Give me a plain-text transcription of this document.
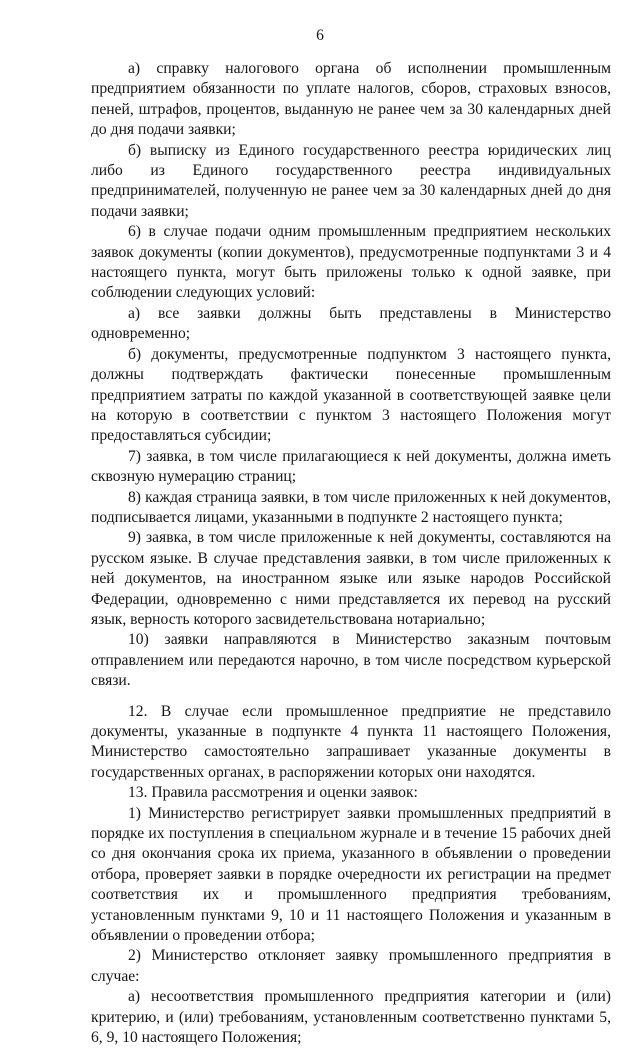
6

а) справку налогового органа об исполнении промышленным предприятием обязанности по уплате налогов, сборов, страховых взносов, пеней, штрафов, процентов, выданную не ранее чем за 30 календарных дней до дня подачи заявки;

б) выписку из Единого государственного реестра юридических лиц либо из Единого государственного реестра индивидуальных предпринимателей, полученную не ранее чем за 30 календарных дней до дня подачи заявки;

6) в случае подачи одним промышленным предприятием нескольких заявок документы (копии документов), предусмотренные подпунктами 3 и 4 настоящего пункта, могут быть приложены только к одной заявке, при соблюдении следующих условий:

а) все заявки должны быть представлены в Министерство одновременно;

б) документы, предусмотренные подпунктом 3 настоящего пункта, должны подтверждать фактически понесенные промышленным предприятием затраты по каждой указанной в соответствующей заявке цели на которую в соответствии с пунктом 3 настоящего Положения могут предоставляться субсидии;

7) заявка, в том числе прилагающиеся к ней документы, должна иметь сквозную нумерацию страниц;

8) каждая страница заявки, в том числе приложенных к ней документов, подписывается лицами, указанными в подпункте 2 настоящего пункта;

9) заявка, в том числе приложенные к ней документы, составляются на русском языке. В случае представления заявки, в том числе приложенных к ней документов, на иностранном языке или языке народов Российской Федерации, одновременно с ними представляется их перевод на русский язык, верность которого засвидетельствована нотариально;

10) заявки направляются в Министерство заказным почтовым отправлением или передаются нарочно, в том числе посредством курьерской связи.

12. В случае если промышленное предприятие не представило документы, указанные в подпункте 4 пункта 11 настоящего Положения, Министерство самостоятельно запрашивает указанные документы в государственных органах, в распоряжении которых они находятся.

13. Правила рассмотрения и оценки заявок:

1) Министерство регистрирует заявки промышленных предприятий в порядке их поступления в специальном журнале и в течение 15 рабочих дней со дня окончания срока их приема, указанного в объявлении о проведении отбора, проверяет заявки в порядке очередности их регистрации на предмет соответствия их и промышленного предприятия требованиям, установленным пунктами 9, 10 и 11 настоящего Положения и указанным в объявлении о проведении отбора;

2) Министерство отклоняет заявку промышленного предприятия в случае:

а) несоответствия промышленного предприятия категории и (или) критерию, и (или) требованиям, установленным соответственно пунктами 5, 6, 9, 10 настоящего Положения;
